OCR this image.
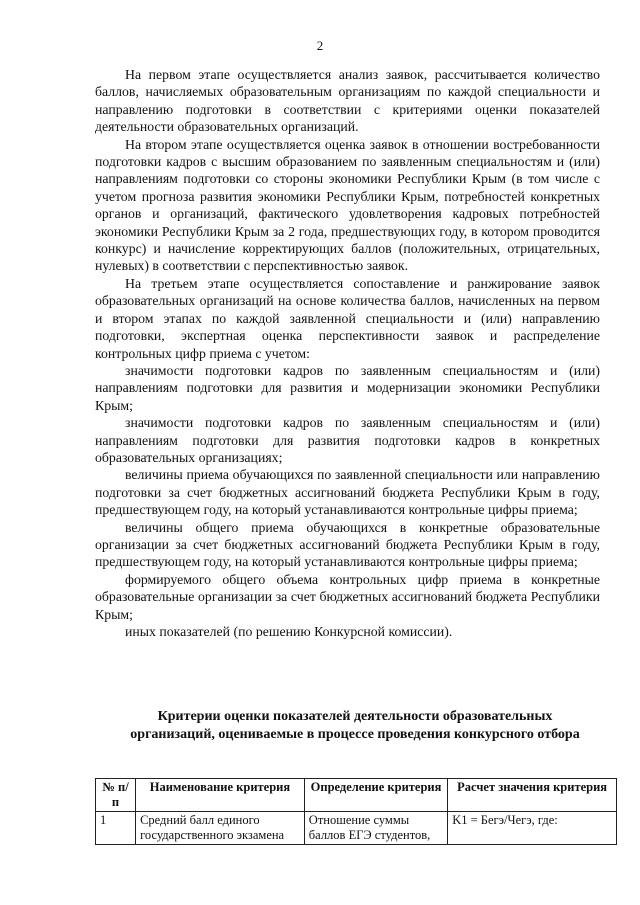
2

На первом этапе осуществляется анализ заявок, рассчитывается количество баллов, начисляемых образовательным организациям по каждой специальности и направлению подготовки в соответствии с критериями оценки показателей деятельности образовательных организаций.

На втором этапе осуществляется оценка заявок в отношении востребованности подготовки кадров с высшим образованием по заявленным специальностям и (или) направлениям подготовки со стороны экономики Республики Крым (в том числе с учетом прогноза развития экономики Республики Крым, потребностей конкретных органов и организаций, фактического удовлетворения кадровых потребностей экономики Республики Крым за 2 года, предшествующих году, в котором проводится конкурс) и начисление корректирующих баллов (положительных, отрицательных, нулевых) в соответствии с перспективностью заявок.

На третьем этапе осуществляется сопоставление и ранжирование заявок образовательных организаций на основе количества баллов, начисленных на первом и втором этапах по каждой заявленной специальности и (или) направлению подготовки, экспертная оценка перспективности заявок и распределение контрольных цифр приема с учетом:

значимости подготовки кадров по заявленным специальностям и (или) направлениям подготовки для развития и модернизации экономики Республики Крым;

значимости подготовки кадров по заявленным специальностям и (или) направлениям подготовки для развития подготовки кадров в конкретных образовательных организациях;

величины приема обучающихся по заявленной специальности или направлению подготовки за счет бюджетных ассигнований бюджета Республики Крым в году, предшествующем году, на который устанавливаются контрольные цифры приема;

величины общего приема обучающихся в конкретные образовательные организации за счет бюджетных ассигнований бюджета Республики Крым в году, предшествующем году, на который устанавливаются контрольные цифры приема;

формируемого общего объема контрольных цифр приема в конкретные образовательные организации за счет бюджетных ассигнований бюджета Республики Крым;

иных показателей (по решению Конкурсной комиссии).

Критерии оценки показателей деятельности образовательных организаций, оцениваемые в процессе проведения конкурсного отбора
№ п/п	Наименование критерия	Определение критерия	Расчет значения критерия
1	Средний балл единого государственного экзамена	Отношение суммы баллов ЕГЭ студентов,	K1 = Бегэ/Чегэ, где:
